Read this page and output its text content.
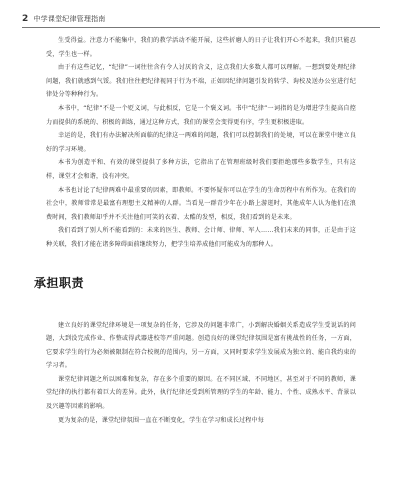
2 中学课堂纪律管理指南

生受得益。注意力不能集中，我们的教学活动不能开展，这些折磨人的日子让我们开心不起来，我们只能忍受，学生也一样。

由于有这些记忆，“纪律”一词往往含有令人讨厌的含义，这点我们大多数人都可以理解。一想到要处理纪律问题，我们就感到气馁。我们往往把纪律视同于行为不端，正如因纪律问题引发的转学、询校及送办公室进行纪律处分等种种行为。

本书中，“纪律”不是一个贬义词，与此相反，它是一个褒义词。书中“纪律”一词指的是为增进学生提高自控力而提供的系统的、积极的训练，通过这种方式，我们的课堂会变得更有序，学生更积极进取。

幸运的是，我们有办法解决所面临的纪律这一两难的问题，我们可以控制我们的处境，可以在课堂中建立良好的学习环境。

本书为创造平和、有效的课堂提供了多种方法，它指出了在管理班级时我们要拒绝那些多数学生，只有这样，课堂才会和谐，没有冲突。

本书也讨论了纪律两难中最重要的因素，即教师。不要怀疑你可以在学生的生命历程中有所作为。在我们的社会中，教师常常是最富有理想主义精神的人群。当看见一群青少年在小路上游逛时，其他成年人认为他们在浪费时间，我们教师却乎并不关注他们可笑的衣着、太酷的发型，相反，我们看到的是未来。

我们看到了别人所不能看到的：未来的医生、教师、会计师、律师、军人……我们未来的同事，正是由于这种关联，我们才能在诸多障碍面前继续努力，把学生培养成他们可能成为的那种人。

承担职责

建立良好的课堂纪律环境是一项复杂的任务，它涉及的问题非常广，小到解决婚姻关系造成学生受说话的问题，大到没完成作业、作整或得武器进校等严重问题。创造良好的课堂纪律氛围是富有挑战性的任务，一方面，它要求学生的行为必须被限制在符合校规的范围内，另一方面，又同时要求学生发展成为独立的、能自我约束的学习者。

课堂纪律问题之所以困难和复杂，存在多个重要的原因。在不同区域、不同地区，甚至对于不同的教师，课堂纪律的执行都有着巨大的差异。此外，执行纪律还受到所管理的学生的年龄、能力、个性、成熟水平、背景以及兴趣等因素的影响。

更为复杂的是，课堂纪律氛围一直在不断变化，学生在学习和成长过程中每
